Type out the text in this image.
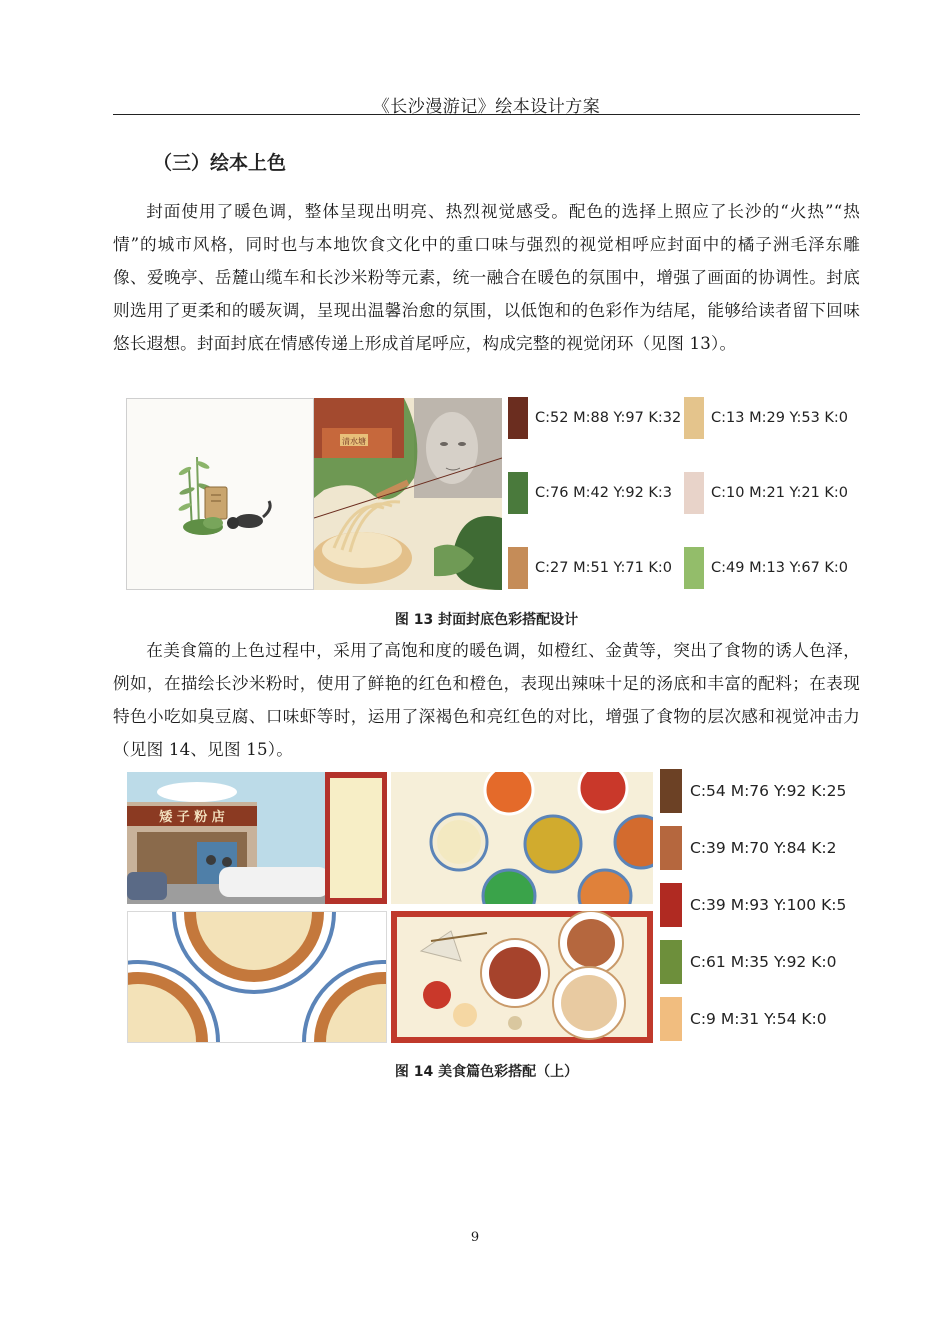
《长沙漫游记》绘本设计方案
（三）绘本上色

封面使用了暖色调，整体呈现出明亮、热烈视觉感受。配色的选择上照应了长沙的“火热”“热情”的城市风格，同时也与本地饮食文化中的重口味与强烈的视觉相呼应封面中的橘子洲毛泽东雕像、爱晚亭、岳麓山缆车和长沙米粉等元素，统一融合在暖色的氛围中，增强了画面的协调性。封底则选用了更柔和的暖灰调，呈现出温馨治愈的氛围，以低饱和的色彩作为结尾，能够给读者留下回味悠长遐想。封面封底在情感传递上形成首尾呼应，构成完整的视觉闭环（见图 13）。

清水塘
C:52 M:88 Y:97 K:32 C:13 M:29 Y:53 K:0
C:76 M:42 Y:92 K:3	C:10 M:21 Y:21 K:0
C:27 M:51 Y:71 K:0	C:49 M:13 Y:67 K:0
图 13 封面封底色彩搭配设计

在美食篇的上色过程中，采用了高饱和度的暖色调，如橙红、金黄等，突出了食物的诱人色泽，例如，在描绘长沙米粉时，使用了鲜艳的红色和橙色，表现出辣味十足的汤底和丰富的配料；在表现特色小吃如臭豆腐、口味虾等时，运用了深褐色和亮红色的对比，增强了食物的层次感和视觉冲击力（见图 14、见图 15）。

矮 子 粉 店
C:54 M:76 Y:92 K:25
C:39 M:70 Y:84 K:2
C:39 M:93 Y:100 K:5
C:61 M:35 Y:92 K:0
C:9 M:31 Y:54 K:0
图 14 美食篇色彩搭配（上）
9
